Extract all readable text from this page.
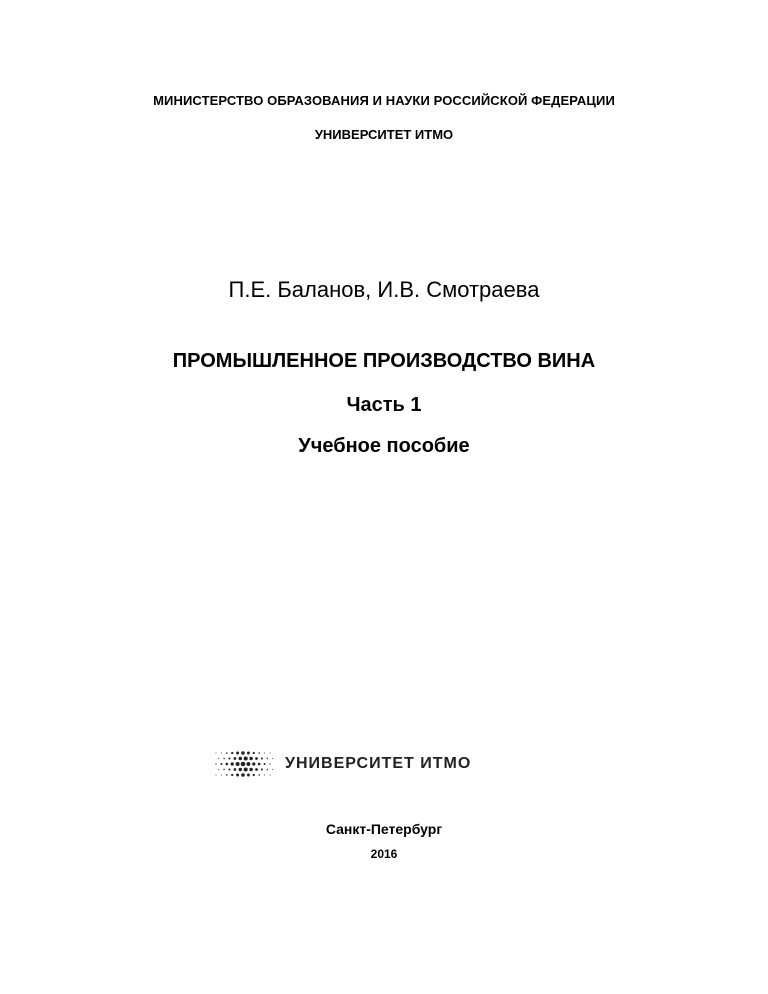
МИНИСТЕРСТВО ОБРАЗОВАНИЯ И НАУКИ РОССИЙСКОЙ ФЕДЕРАЦИИ
УНИВЕРСИТЕТ ИТМО
П.Е. Баланов, И.В. Смотраева
ПРОМЫШЛЕННОЕ ПРОИЗВОДСТВО ВИНА
Часть 1
Учебное пособие
УНИВЕРСИТЕТ ИТМО
Санкт-Петербург
2016
